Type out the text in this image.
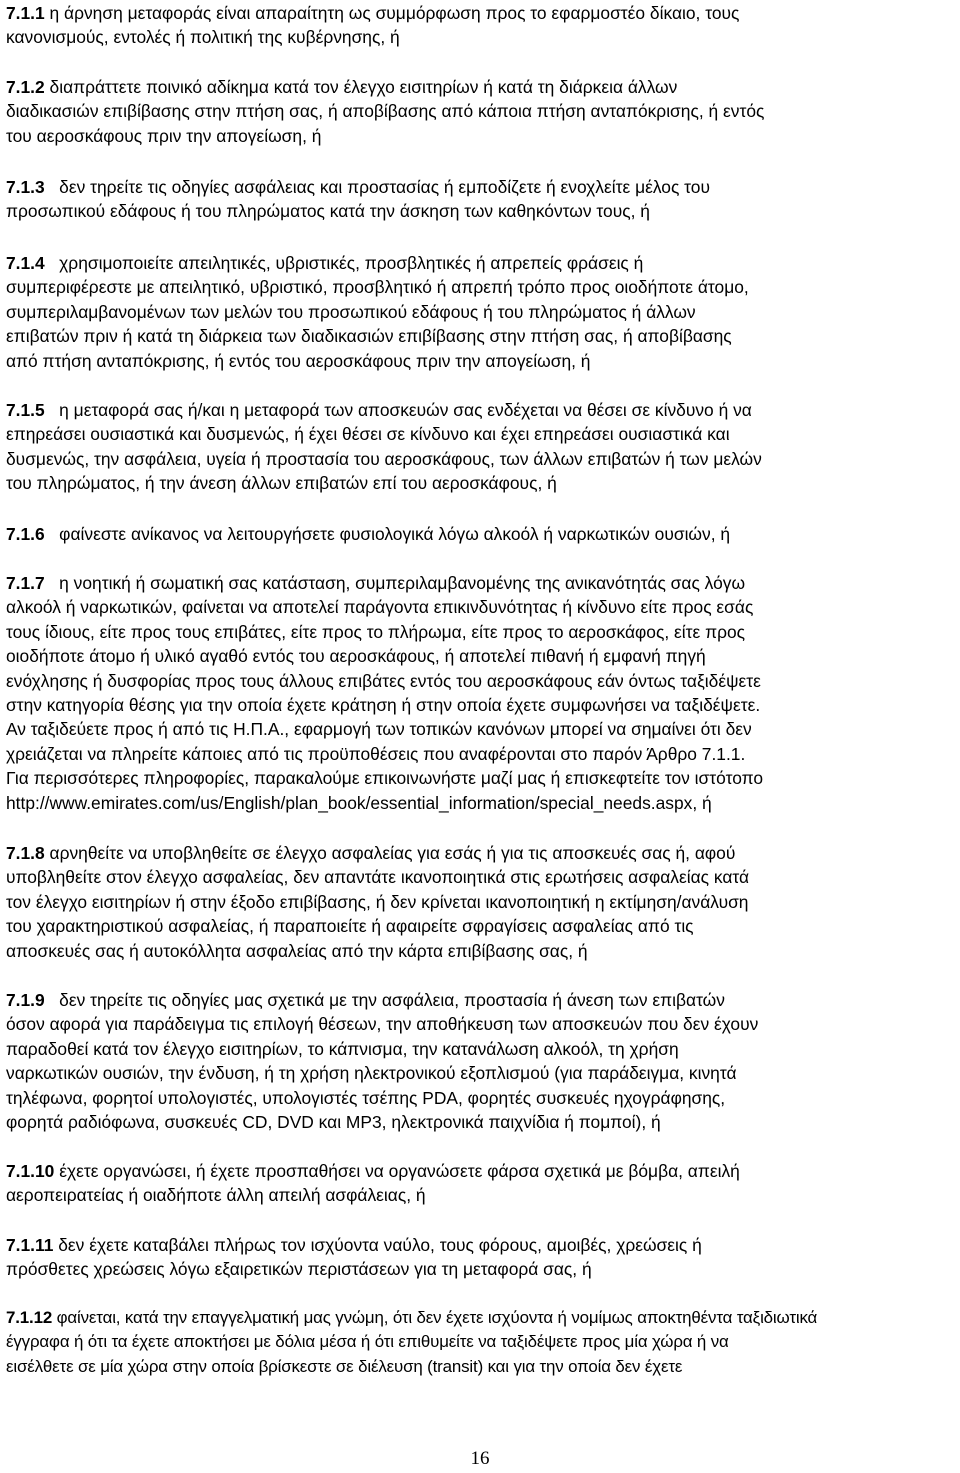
7.1.1 η άρνηση μεταφοράς είναι απαραίτητη ως συμμόρφωση προς το εφαρμοστέο δίκαιο, τους
κανονισμούς, εντολές ή πολιτική της κυβέρνησης, ή

7.1.2 διαπράττετε ποινικό αδίκημα κατά τον έλεγχο εισιτηρίων ή κατά τη διάρκεια άλλων
διαδικασιών επιβίβασης στην πτήση σας, ή αποβίβασης από κάποια πτήση ανταπόκρισης, ή εντός
του αεροσκάφους πριν την απογείωση, ή

7.1.3   δεν τηρείτε τις οδηγίες ασφάλειας και προστασίας ή εμποδίζετε ή ενοχλείτε μέλος του
προσωπικού εδάφους ή του πληρώματος κατά την άσκηση των καθηκόντων τους, ή

7.1.4   χρησιμοποιείτε απειλητικές, υβριστικές, προσβλητικές ή απρεπείς φράσεις ή
συμπεριφέρεστε με απειλητικό, υβριστικό, προσβλητικό ή απρεπή τρόπο προς οιοδήποτε άτομο,
συμπεριλαμβανομένων των μελών του προσωπικού εδάφους ή του πληρώματος ή άλλων
επιβατών πριν ή κατά τη διάρκεια των διαδικασιών επιβίβασης στην πτήση σας, ή αποβίβασης
από πτήση ανταπόκρισης, ή εντός του αεροσκάφους πριν την απογείωση, ή

7.1.5   η μεταφορά σας ή/και η μεταφορά των αποσκευών σας ενδέχεται να θέσει σε κίνδυνο ή να
επηρεάσει ουσιαστικά και δυσμενώς, ή έχει θέσει σε κίνδυνο και έχει επηρεάσει ουσιαστικά και
δυσμενώς, την ασφάλεια, υγεία ή προστασία του αεροσκάφους, των άλλων επιβατών ή των μελών
του πληρώματος, ή την άνεση άλλων επιβατών επί του αεροσκάφους, ή

7.1.6   φαίνεστε ανίκανος να λειτουργήσετε φυσιολογικά λόγω αλκοόλ ή ναρκωτικών ουσιών, ή

7.1.7   η νοητική ή σωματική σας κατάσταση, συμπεριλαμβανομένης της ανικανότητάς σας λόγω
αλκοόλ ή ναρκωτικών, φαίνεται να αποτελεί παράγοντα επικινδυνότητας ή κίνδυνο είτε προς εσάς
τους ίδιους, είτε προς τους επιβάτες, είτε προς το πλήρωμα, είτε προς το αεροσκάφος, είτε προς
οιοδήποτε άτομο ή υλικό αγαθό εντός του αεροσκάφους, ή αποτελεί πιθανή ή εμφανή πηγή
ενόχλησης ή δυσφορίας προς τους άλλους επιβάτες εντός του αεροσκάφους εάν όντως ταξιδέψετε
στην κατηγορία θέσης για την οποία έχετε κράτηση ή στην οποία έχετε συμφωνήσει να ταξιδέψετε.
Αν ταξιδεύετε προς ή από τις Η.Π.Α., εφαρμογή των τοπικών κανόνων μπορεί να σημαίνει ότι δεν
χρειάζεται να πληρείτε κάποιες από τις προϋποθέσεις που αναφέρονται στο παρόν Άρθρο 7.1.1.
Για περισσότερες πληροφορίες, παρακαλούμε επικοινωνήστε μαζί μας ή επισκεφτείτε τον ιστότοπο
http://www.emirates.com/us/English/plan_book/essential_information/special_needs.aspx, ή

7.1.8 αρνηθείτε να υποβληθείτε σε έλεγχο ασφαλείας για εσάς ή για τις αποσκευές σας ή, αφού
υποβληθείτε στον έλεγχο ασφαλείας, δεν απαντάτε ικανοποιητικά στις ερωτήσεις ασφαλείας κατά
τον έλεγχο εισιτηρίων ή στην έξοδο επιβίβασης, ή δεν κρίνεται ικανοποιητική η εκτίμηση/ανάλυση
του χαρακτηριστικού ασφαλείας, ή παραποιείτε ή αφαιρείτε σφραγίσεις ασφαλείας από τις
αποσκευές σας ή αυτοκόλλητα ασφαλείας από την κάρτα επιβίβασης σας, ή

7.1.9   δεν τηρείτε τις οδηγίες μας σχετικά με την ασφάλεια, προστασία ή άνεση των επιβατών
όσον αφορά για παράδειγμα τις επιλογή θέσεων, την αποθήκευση των αποσκευών που δεν έχουν
παραδοθεί κατά τον έλεγχο εισιτηρίων, το κάπνισμα, την κατανάλωση αλκοόλ, τη χρήση
ναρκωτικών ουσιών, την ένδυση, ή τη χρήση ηλεκτρονικού εξοπλισμού (για παράδειγμα, κινητά
τηλέφωνα, φορητοί υπολογιστές, υπολογιστές τσέπης PDA, φορητές συσκευές ηχογράφησης,
φορητά ραδιόφωνα, συσκευές CD, DVD και MP3, ηλεκτρονικά παιχνίδια ή πομποί), ή

7.1.10 έχετε οργανώσει, ή έχετε προσπαθήσει να οργανώσετε φάρσα σχετικά με βόμβα, απειλή
αεροπειρατείας ή οιαδήποτε άλλη απειλή ασφάλειας, ή

7.1.11 δεν έχετε καταβάλει πλήρως τον ισχύοντα ναύλο, τους φόρους, αμοιβές, χρεώσεις ή
πρόσθετες χρεώσεις λόγω εξαιρετικών περιστάσεων για τη μεταφορά σας, ή

7.1.12 φαίνεται, κατά την επαγγελματική μας γνώμη, ότι δεν έχετε ισχύοντα ή νομίμως αποκτηθέντα ταξιδιωτικά
έγγραφα ή ότι τα έχετε αποκτήσει με δόλια μέσα ή ότι επιθυμείτε να ταξιδέψετε προς μία χώρα ή να
εισέλθετε σε μία χώρα στην οποία βρίσκεστε σε διέλευση (transit) και για την οποία δεν έχετε

16
